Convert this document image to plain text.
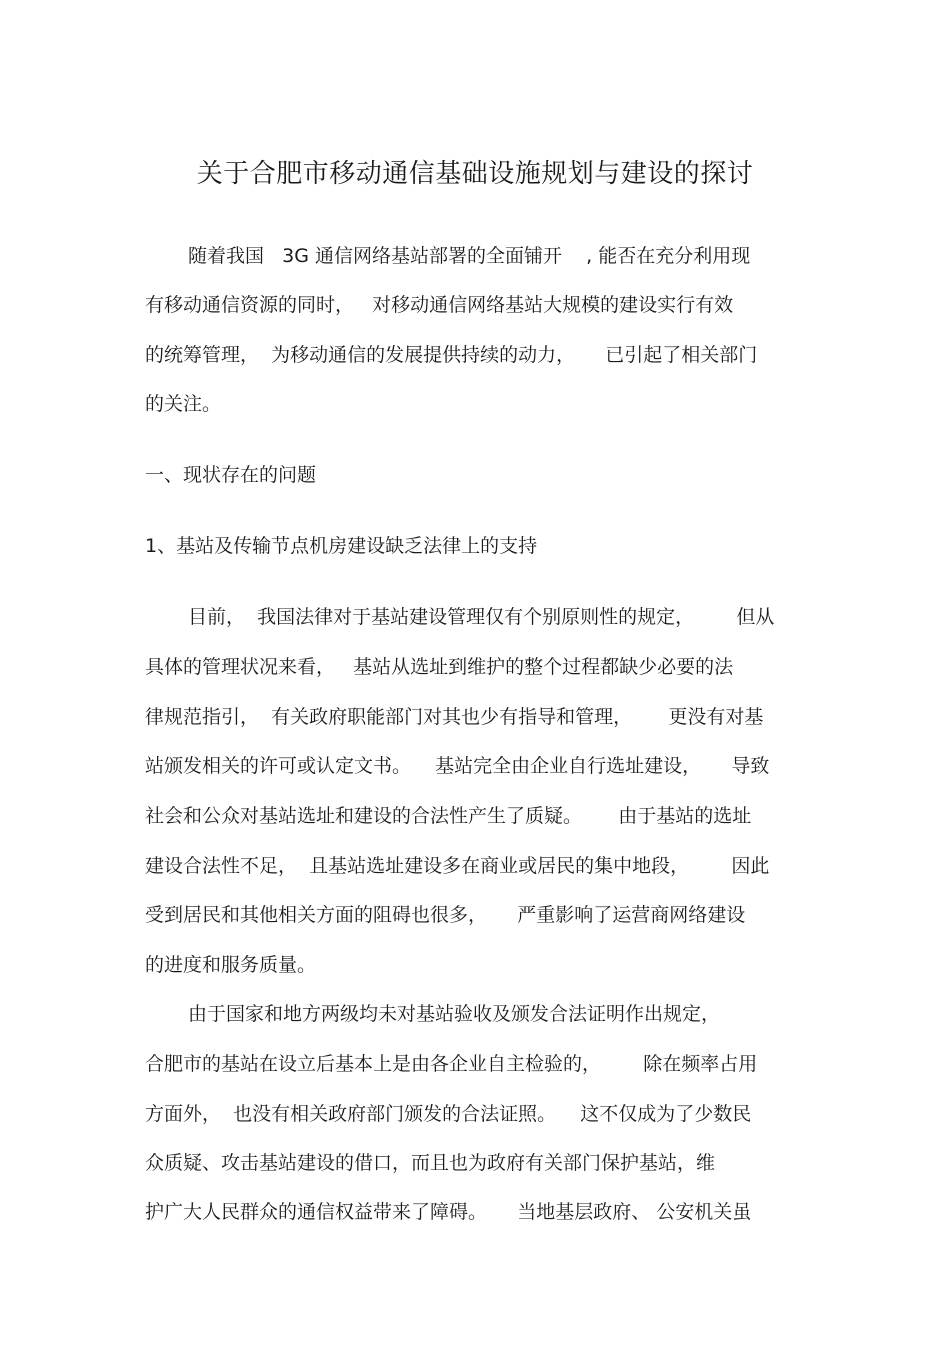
关于合肥市移动通信基础设施规划与建设的探讨

随着我国   3G 通信网络基站部署的全面铺开    , 能否在充分利用现

有移动通信资源的同时，   对移动通信网络基站大规模的建设实行有效

的统筹管理，  为移动通信的发展提供持续的动力，     已引起了相关部门

的关注。

一、现状存在的问题

1、基站及传输节点机房建设缺乏法律上的支持

目前，  我国法律对于基站建设管理仅有个别原则性的规定，       但从

具体的管理状况来看，   基站从选址到维护的整个过程都缺少必要的法

律规范指引，  有关政府职能部门对其也少有指导和管理，      更没有对基

站颁发相关的许可或认定文书。    基站完全由企业自行选址建设，     导致

社会和公众对基站选址和建设的合法性产生了质疑。      由于基站的选址

建设合法性不足，  且基站选址建设多在商业或居民的集中地段，       因此

受到居民和其他相关方面的阻碍也很多，     严重影响了运营商网络建设

的进度和服务质量。

由于国家和地方两级均未对基站验收及颁发合法证明作出规定，

合肥市的基站在设立后基本上是由各企业自主检验的，       除在频率占用

方面外，  也没有相关政府部门颁发的合法证照。    这不仅成为了少数民

众质疑、攻击基站建设的借口，而且也为政府有关部门保护基站，维

护广大人民群众的通信权益带来了障碍。     当地基层政府、 公安机关虽
